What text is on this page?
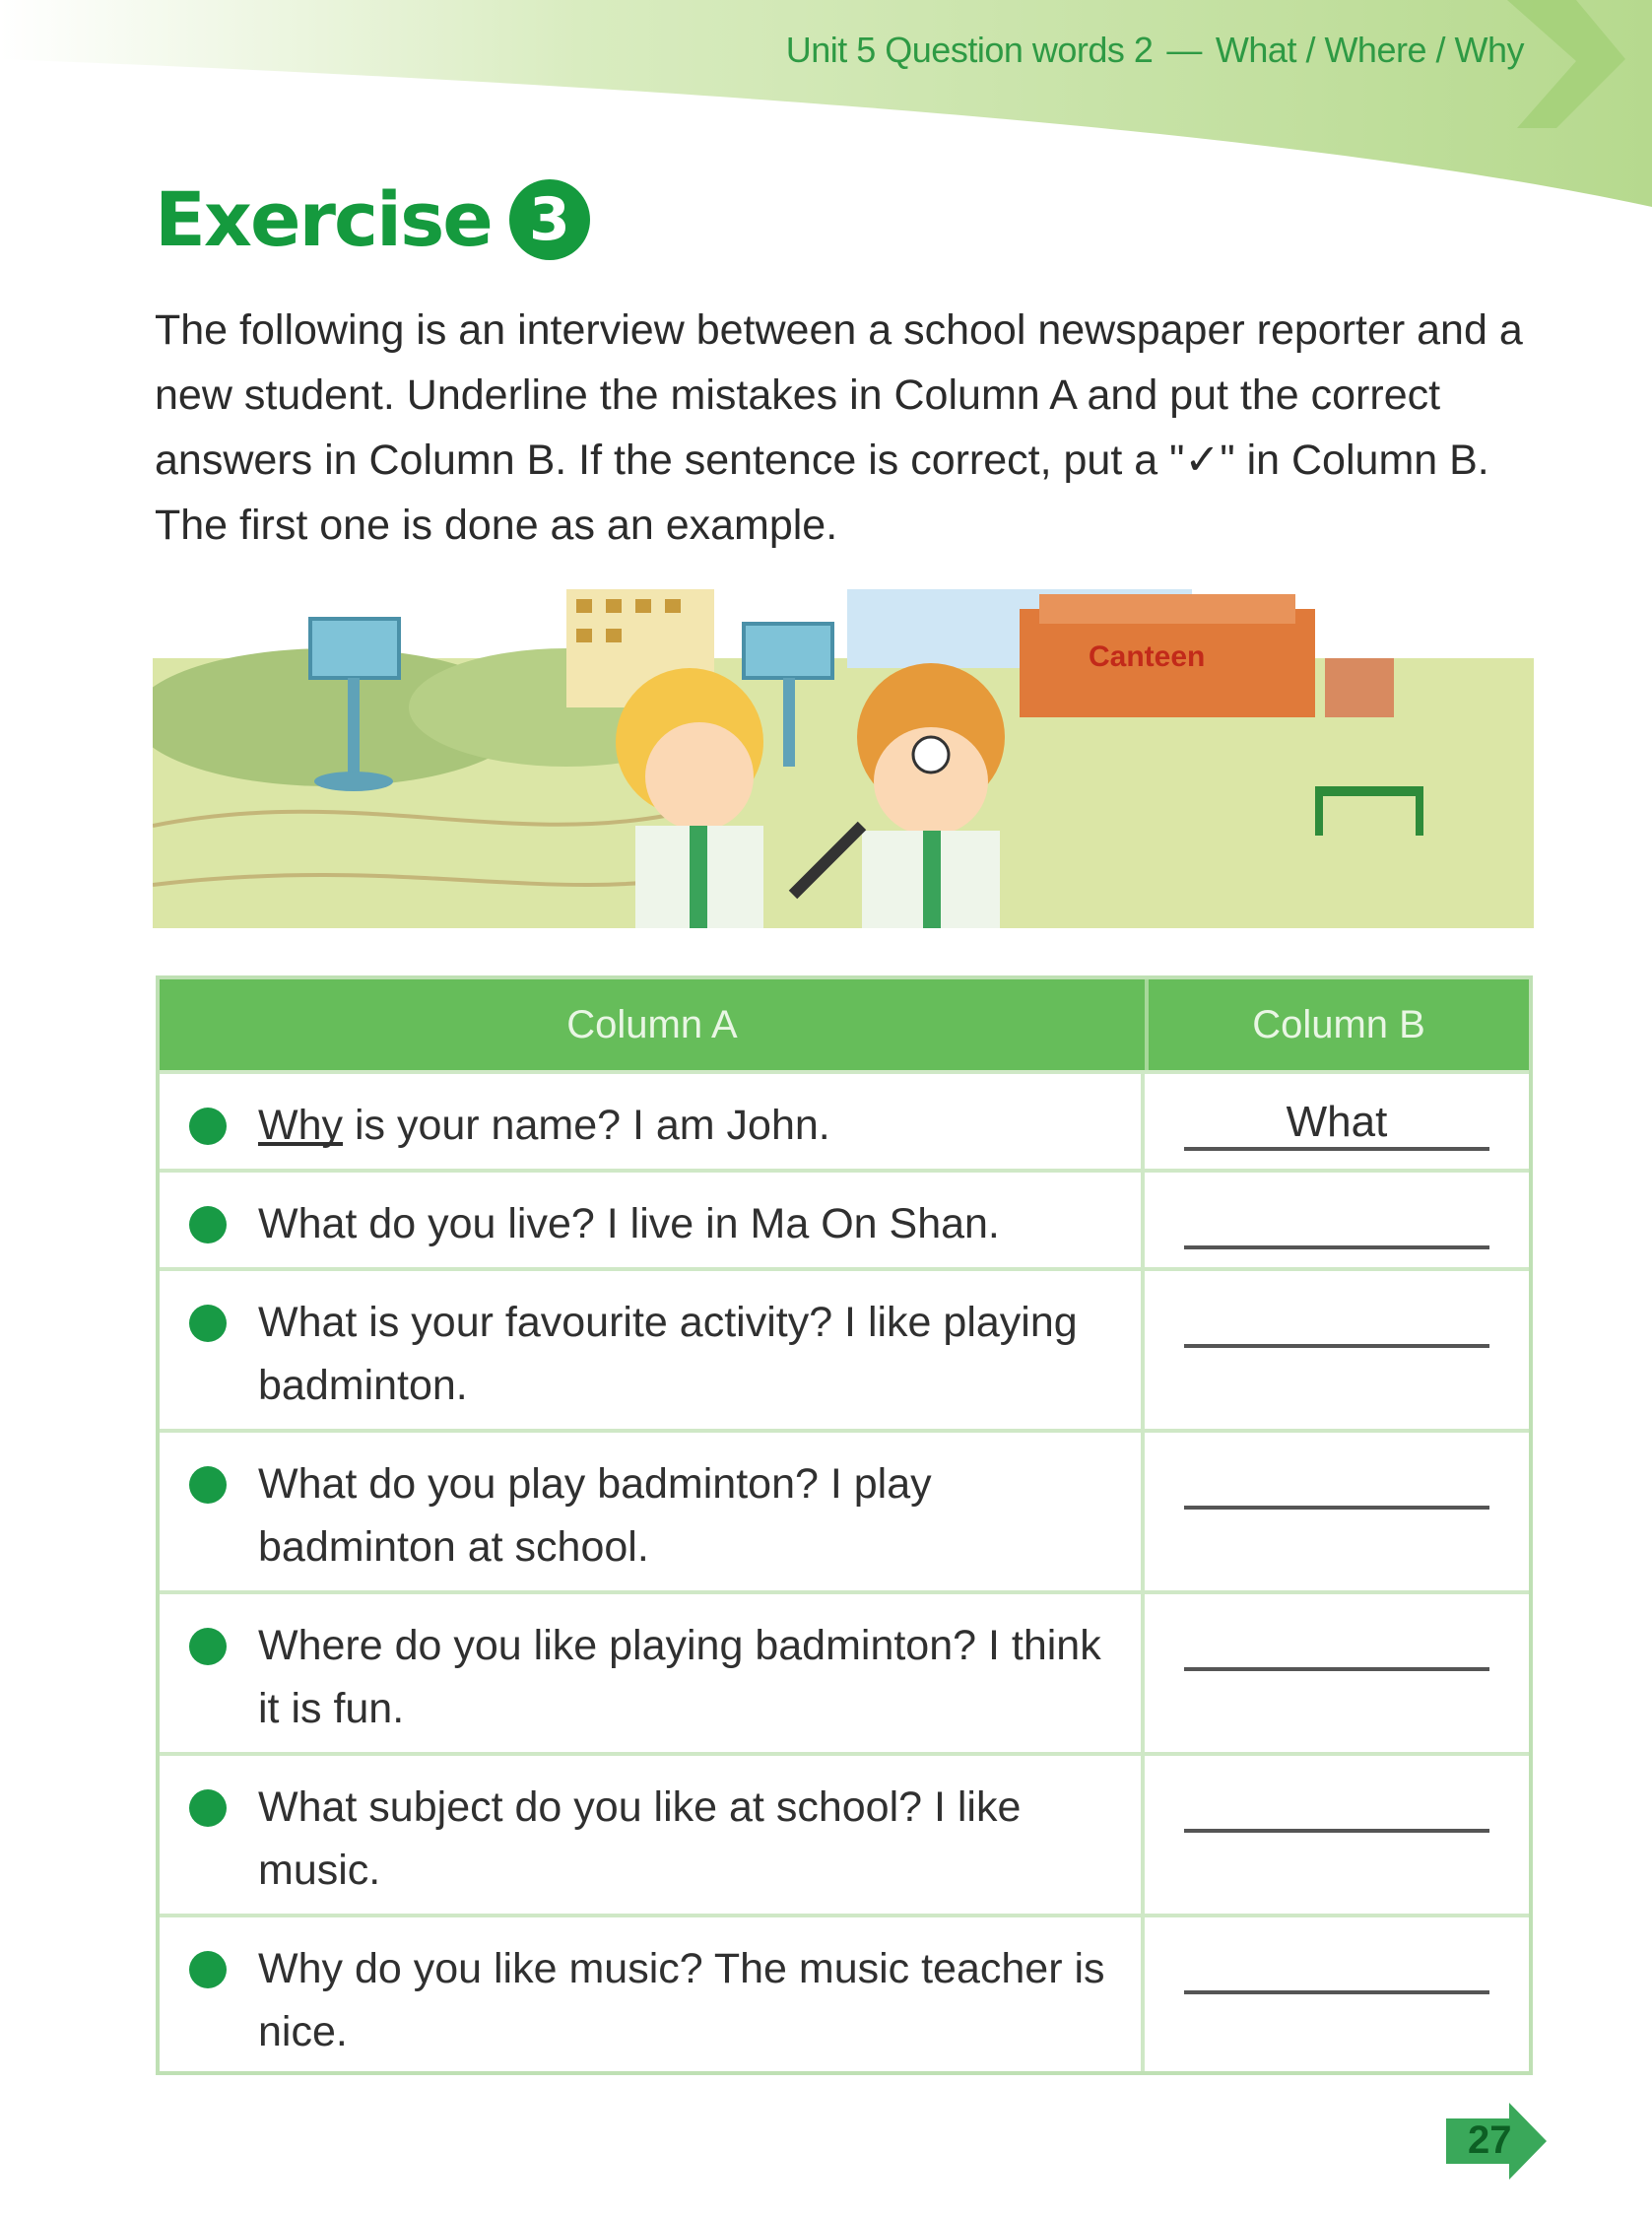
Unit 5 Question words 2 — What / Where / Why
Exercise 3
The following is an interview between a school newspaper reporter and a new student. Underline the mistakes in Column A and put the correct answers in Column B. If the sentence is correct, put a "✓" in Column B. The first one is done as an example.
Canteen
Column A	Column B
Why is your name? I am John.	What
What do you live? I live in Ma On Shan.
What is your favourite activity? I like playing badminton.
What do you play badminton? I play badminton at school.
Where do you like playing badminton? I think it is fun.
What subject do you like at school? I like music.
Why do you like music? The music teacher is nice.
27
